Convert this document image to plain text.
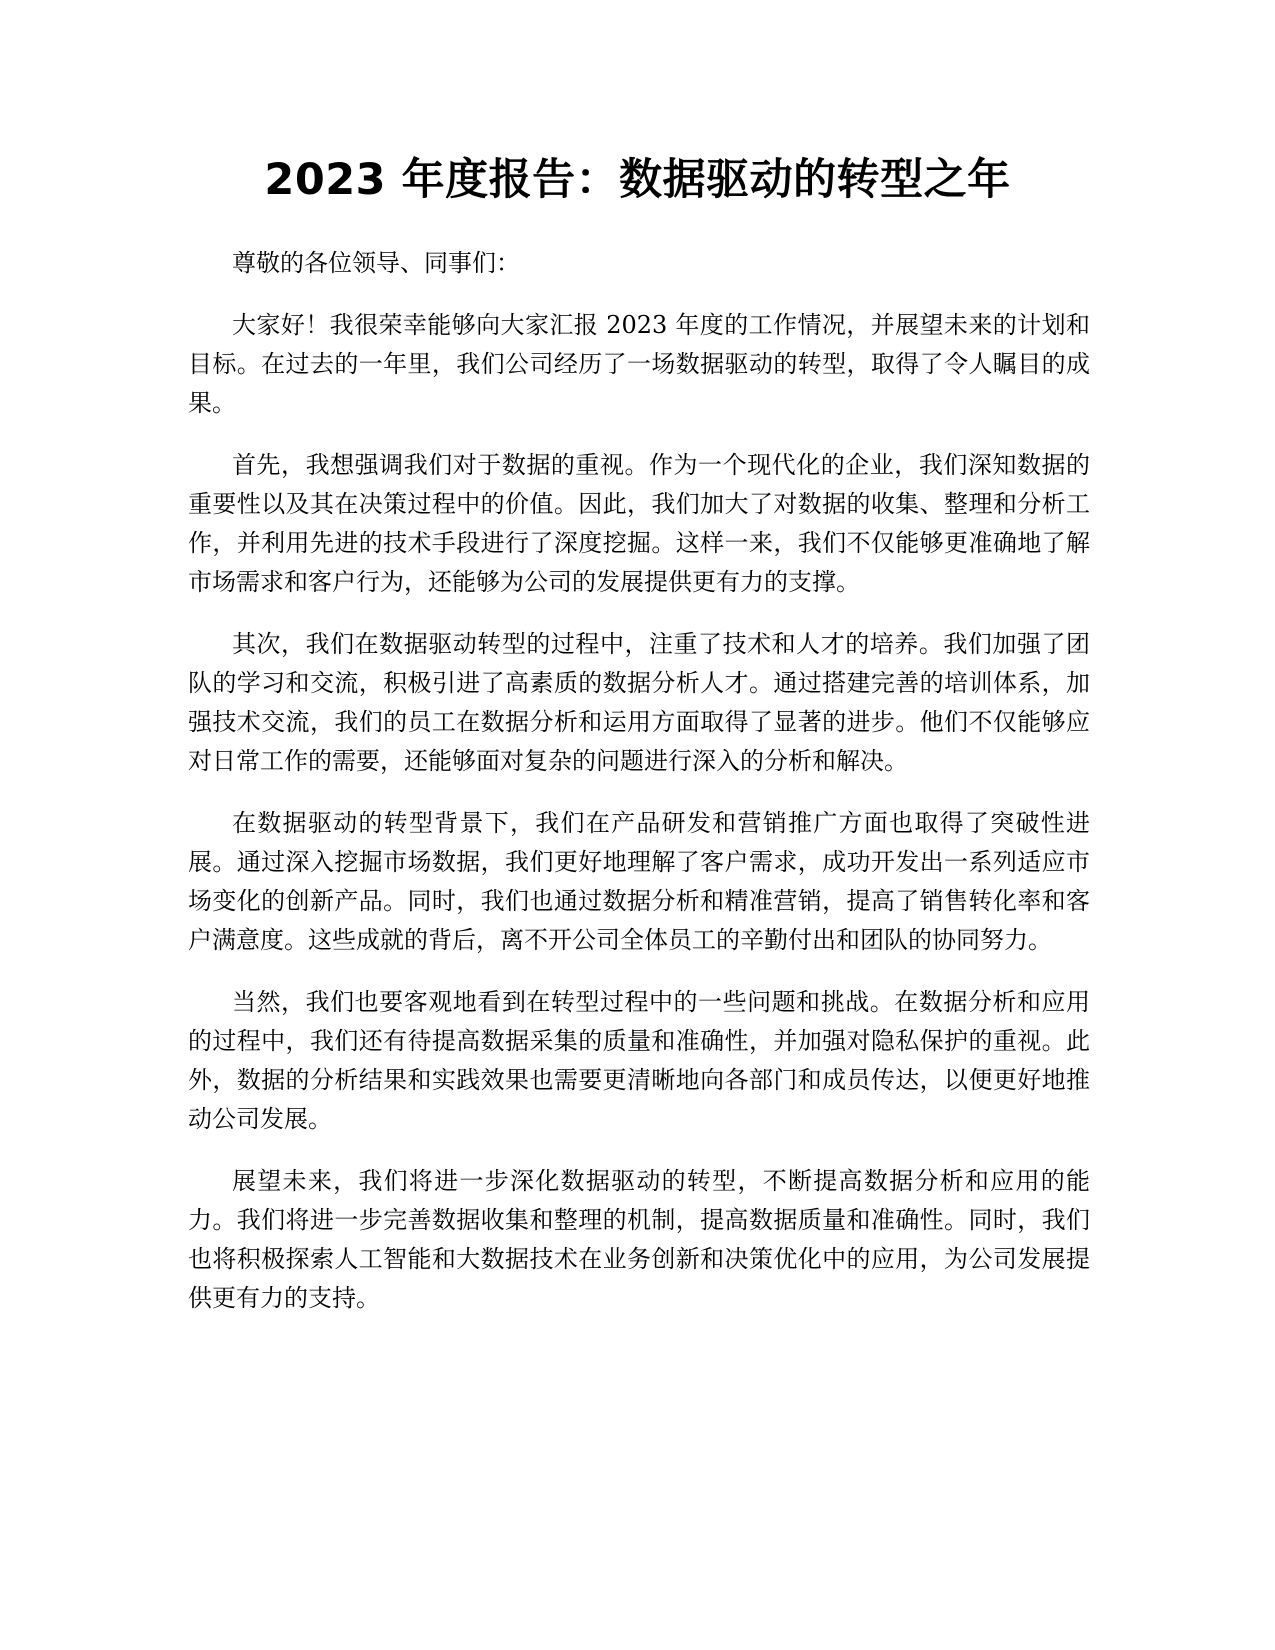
2023 年度报告：数据驱动的转型之年

尊敬的各位领导、同事们：

大家好！我很荣幸能够向大家汇报 2023 年度的工作情况，并展望未来的计划和目标。在过去的一年里，我们公司经历了一场数据驱动的转型，取得了令人瞩目的成果。

首先，我想强调我们对于数据的重视。作为一个现代化的企业，我们深知数据的重要性以及其在决策过程中的价值。因此，我们加大了对数据的收集、整理和分析工作，并利用先进的技术手段进行了深度挖掘。这样一来，我们不仅能够更准确地了解市场需求和客户行为，还能够为公司的发展提供更有力的支撑。

其次，我们在数据驱动转型的过程中，注重了技术和人才的培养。我们加强了团队的学习和交流，积极引进了高素质的数据分析人才。通过搭建完善的培训体系，加强技术交流，我们的员工在数据分析和运用方面取得了显著的进步。他们不仅能够应对日常工作的需要，还能够面对复杂的问题进行深入的分析和解决。

在数据驱动的转型背景下，我们在产品研发和营销推广方面也取得了突破性进展。通过深入挖掘市场数据，我们更好地理解了客户需求，成功开发出一系列适应市场变化的创新产品。同时，我们也通过数据分析和精准营销，提高了销售转化率和客户满意度。这些成就的背后，离不开公司全体员工的辛勤付出和团队的协同努力。

当然，我们也要客观地看到在转型过程中的一些问题和挑战。在数据分析和应用的过程中，我们还有待提高数据采集的质量和准确性，并加强对隐私保护的重视。此外，数据的分析结果和实践效果也需要更清晰地向各部门和成员传达，以便更好地推动公司发展。

展望未来，我们将进一步深化数据驱动的转型，不断提高数据分析和应用的能力。我们将进一步完善数据收集和整理的机制，提高数据质量和准确性。同时，我们也将积极探索人工智能和大数据技术在业务创新和决策优化中的应用，为公司发展提供更有力的支持。
